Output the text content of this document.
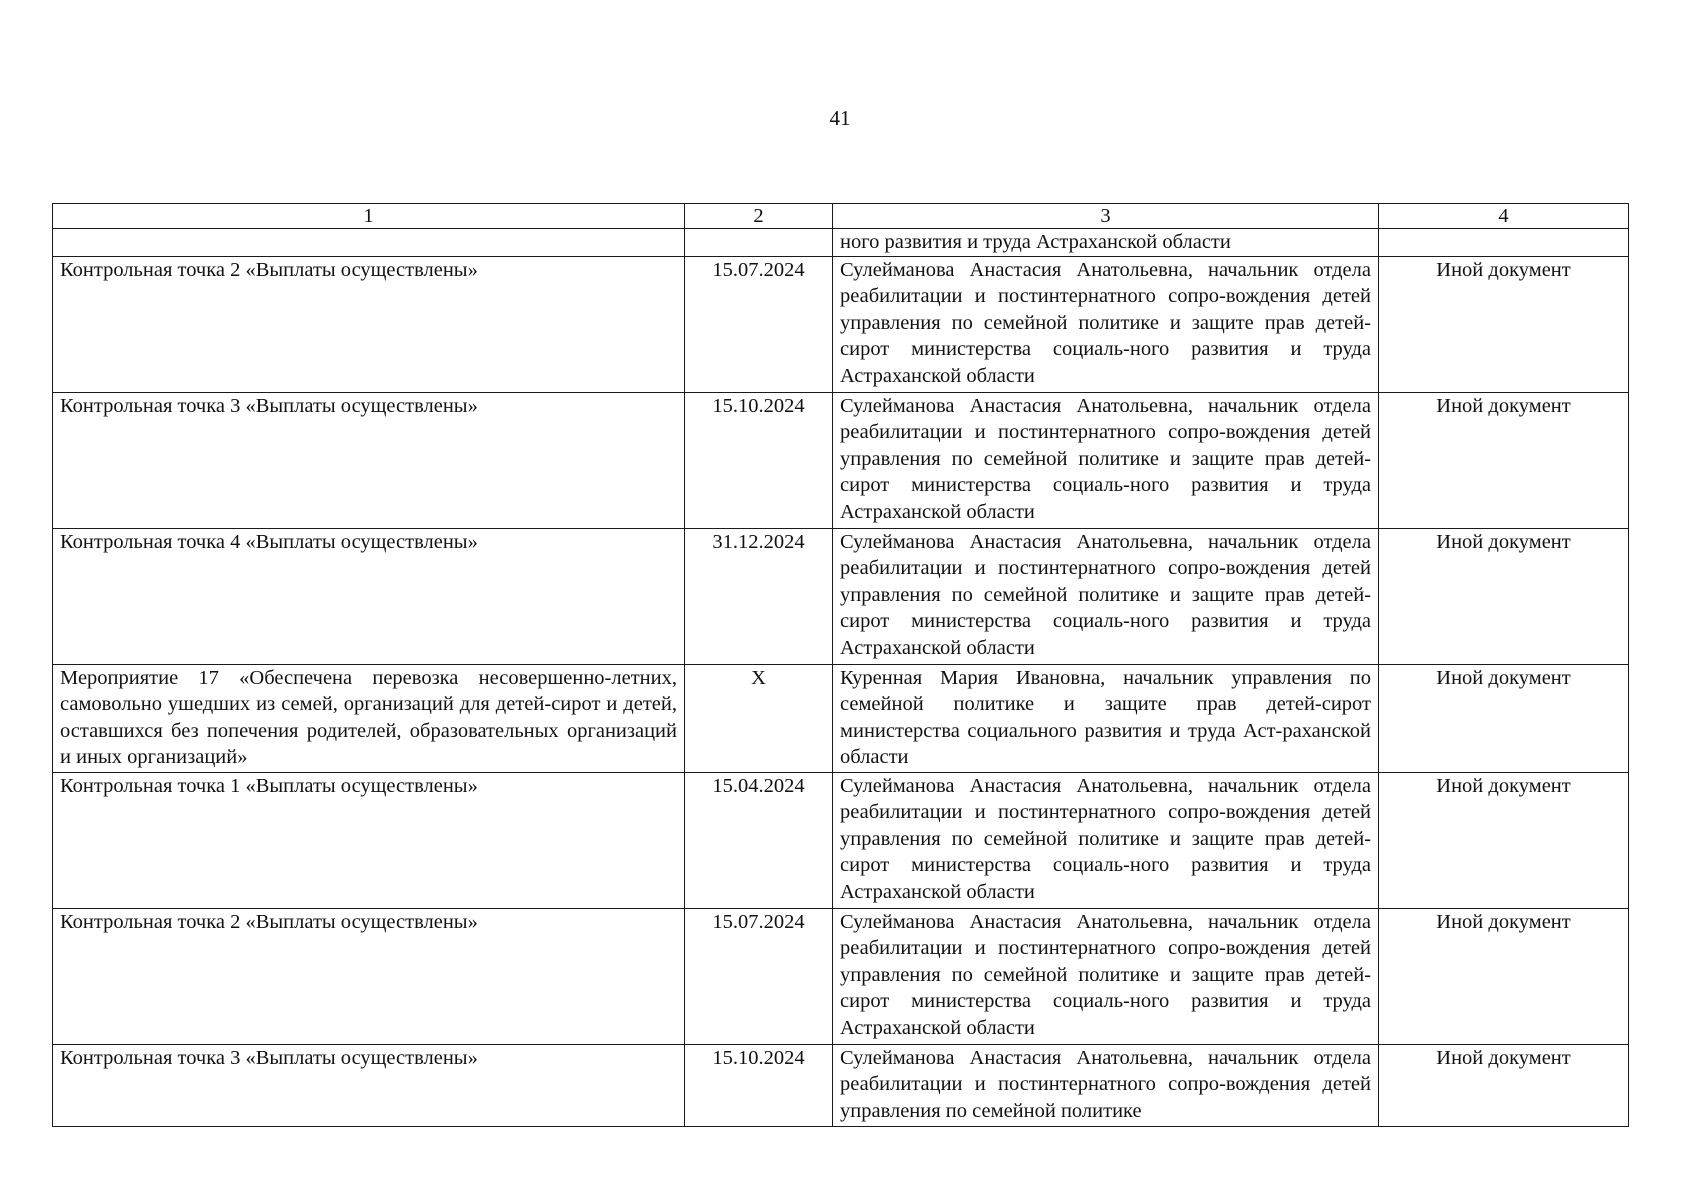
41
1	2	3	4
		ного развития и труда Астраханской области	
Контрольная точка 2 «Выплаты осуществлены»	15.07.2024	Сулейманова Анастасия Анатольевна, начальник отдела реабилитации и постинтернатного сопро-вождения детей управления по семейной политике и защите прав детей-сирот министерства социаль-ного развития и труда Астраханской области	Иной документ
Контрольная точка 3 «Выплаты осуществлены»	15.10.2024	Сулейманова Анастасия Анатольевна, начальник отдела реабилитации и постинтернатного сопро-вождения детей управления по семейной политике и защите прав детей-сирот министерства социаль-ного развития и труда Астраханской области	Иной документ
Контрольная точка 4 «Выплаты осуществлены»	31.12.2024	Сулейманова Анастасия Анатольевна, начальник отдела реабилитации и постинтернатного сопро-вождения детей управления по семейной политике и защите прав детей-сирот министерства социаль-ного развития и труда Астраханской области	Иной документ
Мероприятие 17 «Обеспечена перевозка несовершенно-летних, самовольно ушедших из семей, организаций для детей-сирот и детей, оставшихся без попечения родителей, образовательных организаций и иных организаций»	Х	Куренная Мария Ивановна, начальник управления по семейной политике и защите прав детей-сирот министерства социального развития и труда Аст-раханской области	Иной документ
Контрольная точка 1 «Выплаты осуществлены»	15.04.2024	Сулейманова Анастасия Анатольевна, начальник отдела реабилитации и постинтернатного сопро-вождения детей управления по семейной политике и защите прав детей-сирот министерства социаль-ного развития и труда Астраханской области	Иной документ
Контрольная точка 2 «Выплаты осуществлены»	15.07.2024	Сулейманова Анастасия Анатольевна, начальник отдела реабилитации и постинтернатного сопро-вождения детей управления по семейной политике и защите прав детей-сирот министерства социаль-ного развития и труда Астраханской области	Иной документ
Контрольная точка 3 «Выплаты осуществлены»	15.10.2024	Сулейманова Анастасия Анатольевна, начальник отдела реабилитации и постинтернатного сопро-вождения детей управления по семейной политике	Иной документ
